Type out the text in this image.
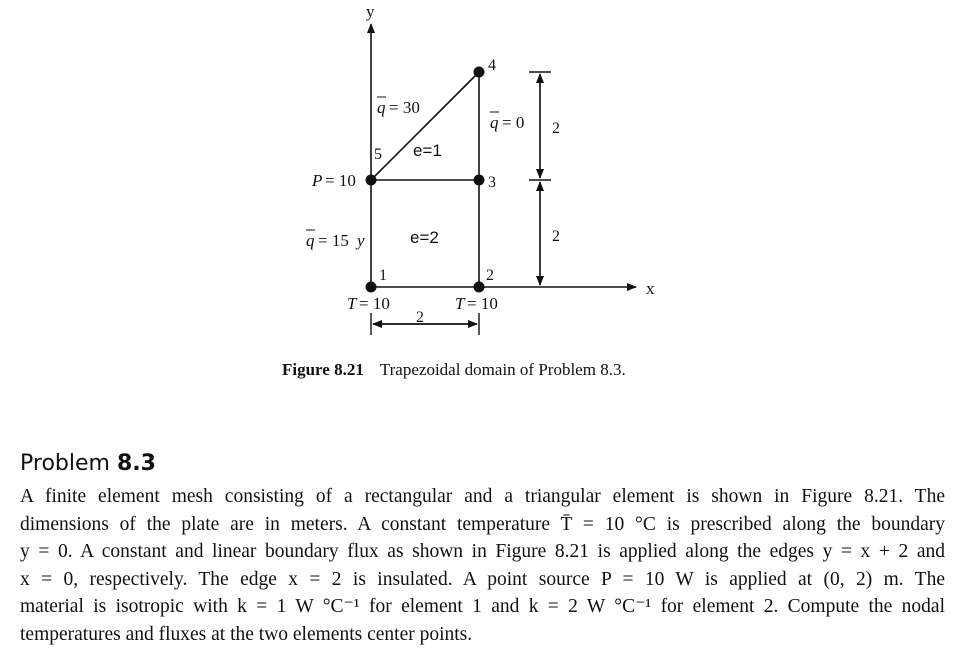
y
x
1	2
3
4
5 e=1
e=2
q = 30
q = 0
q = 15 y
P = 10
T = 10	T = 10
2
2
2
Figure 8.21 Trapezoidal domain of Problem 8.3.
Problem 8.3
A finite element mesh consisting of a rectangular and a triangular element is shown in Figure 8.21. The
dimensions of the plate are in meters. A constant temperature T̄ = 10 °C is prescribed along the boundary
y = 0. A constant and linear boundary flux as shown in Figure 8.21 is applied along the edges y = x + 2 and
x = 0, respectively. The edge x = 2 is insulated. A point source P = 10 W is applied at (0, 2) m. The
material is isotropic with k = 1 W °C⁻¹ for element 1 and k = 2 W °C⁻¹ for element 2. Compute the nodal
temperatures and fluxes at the two elements center points.
